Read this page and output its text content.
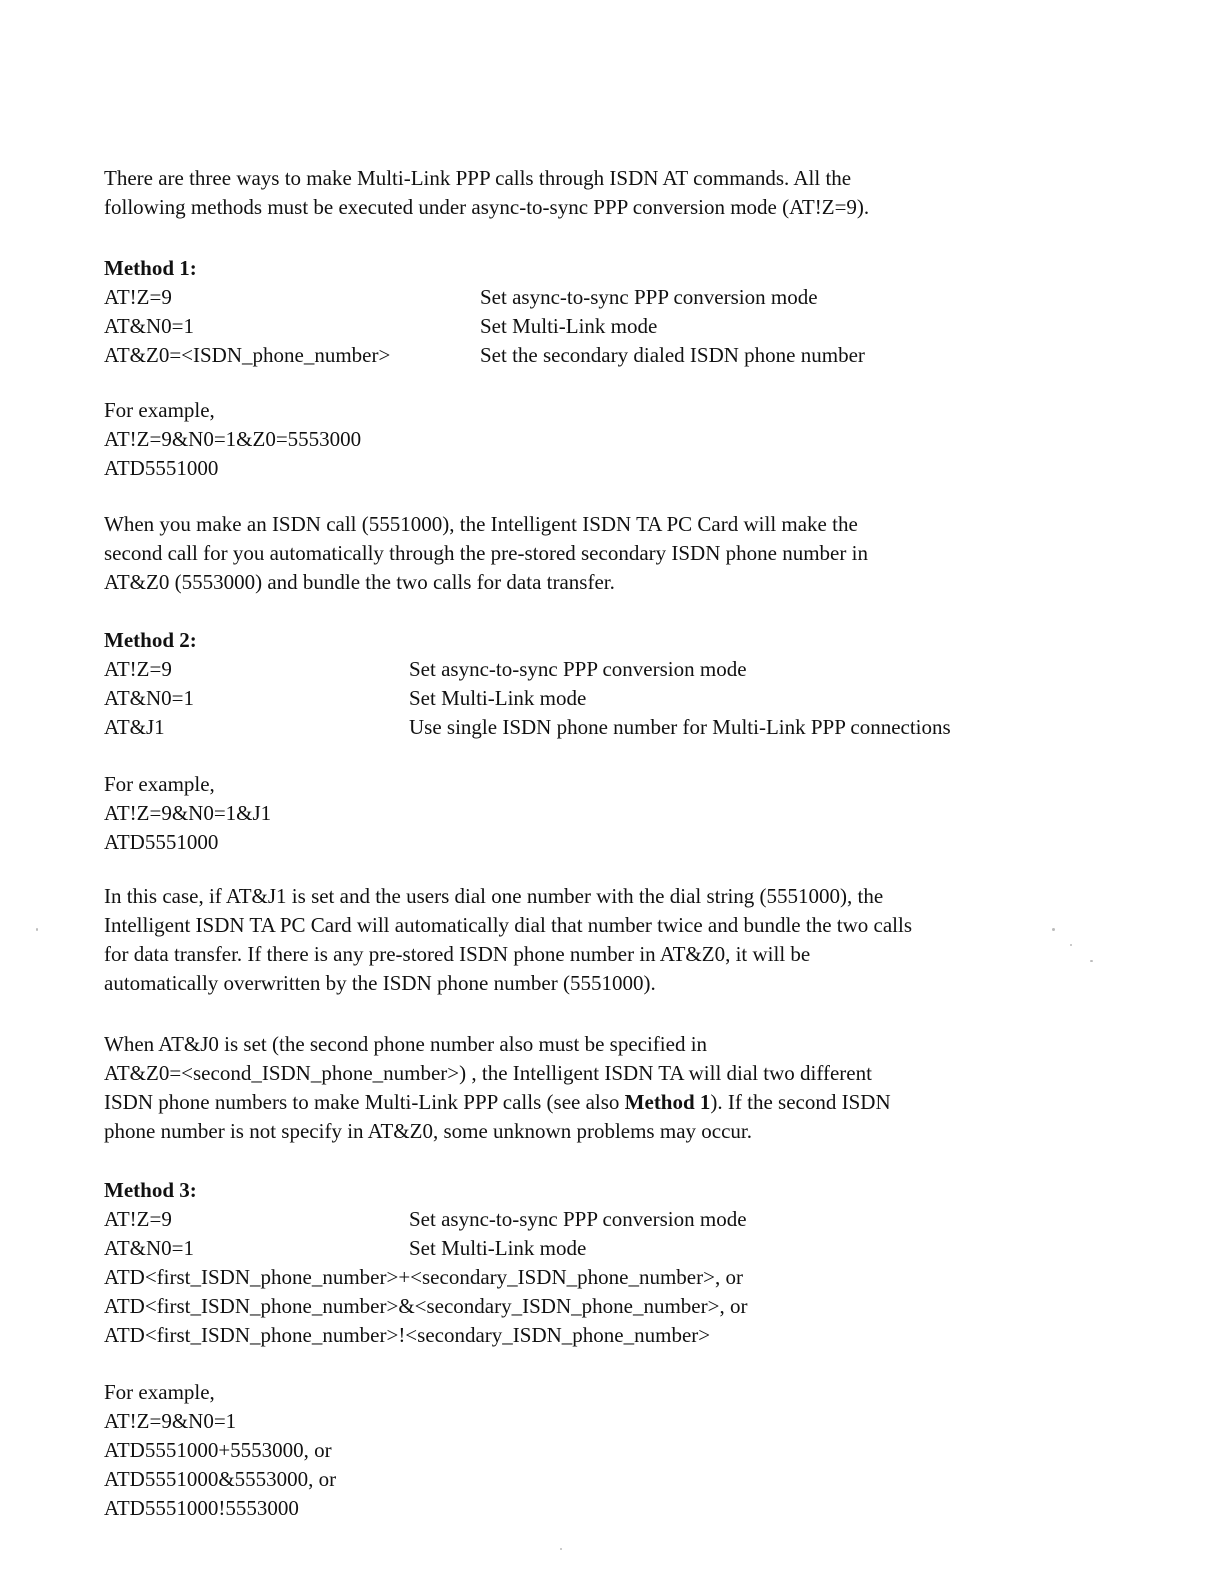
There are three ways to make Multi-Link PPP calls through ISDN AT commands. All the

following methods must be executed under async-to-sync PPP conversion mode (AT!Z=9).

Method 1:
AT!Z=9	Set async-to-sync PPP conversion mode
AT&N0=1	Set Multi-Link mode
AT&Z0=<ISDN_phone_number>	Set the secondary dialed ISDN phone number
For example,
AT!Z=9&N0=1&Z0=5553000
ATD5551000

When you make an ISDN call (5551000), the Intelligent ISDN TA PC Card will make the

second call for you automatically through the pre-stored secondary ISDN phone number in

AT&Z0 (5553000) and bundle the two calls for data transfer.

Method 2:
AT!Z=9	Set async-to-sync PPP conversion mode
AT&N0=1	Set Multi-Link mode
AT&J1	Use single ISDN phone number for Multi-Link PPP connections
For example,
AT!Z=9&N0=1&J1
ATD5551000

In this case, if AT&J1 is set and the users dial one number with the dial string (5551000), the

Intelligent ISDN TA PC Card will automatically dial that number twice and bundle the two calls

for data transfer. If there is any pre-stored ISDN phone number in AT&Z0, it will be

automatically overwritten by the ISDN phone number (5551000).

When AT&J0 is set (the second phone number also must be specified in

AT&Z0=<second_ISDN_phone_number>) , the Intelligent ISDN TA will dial two different

ISDN phone numbers to make Multi-Link PPP calls (see also Method 1). If the second ISDN

phone number is not specify in AT&Z0, some unknown problems may occur.

Method 3:
AT!Z=9	Set async-to-sync PPP conversion mode
AT&N0=1	Set Multi-Link mode
ATD<first_ISDN_phone_number>+<secondary_ISDN_phone_number>, or
ATD<first_ISDN_phone_number>&<secondary_ISDN_phone_number>, or
ATD<first_ISDN_phone_number>!<secondary_ISDN_phone_number>
For example,
AT!Z=9&N0=1
ATD5551000+5553000, or
ATD5551000&5553000, or
ATD5551000!5553000
